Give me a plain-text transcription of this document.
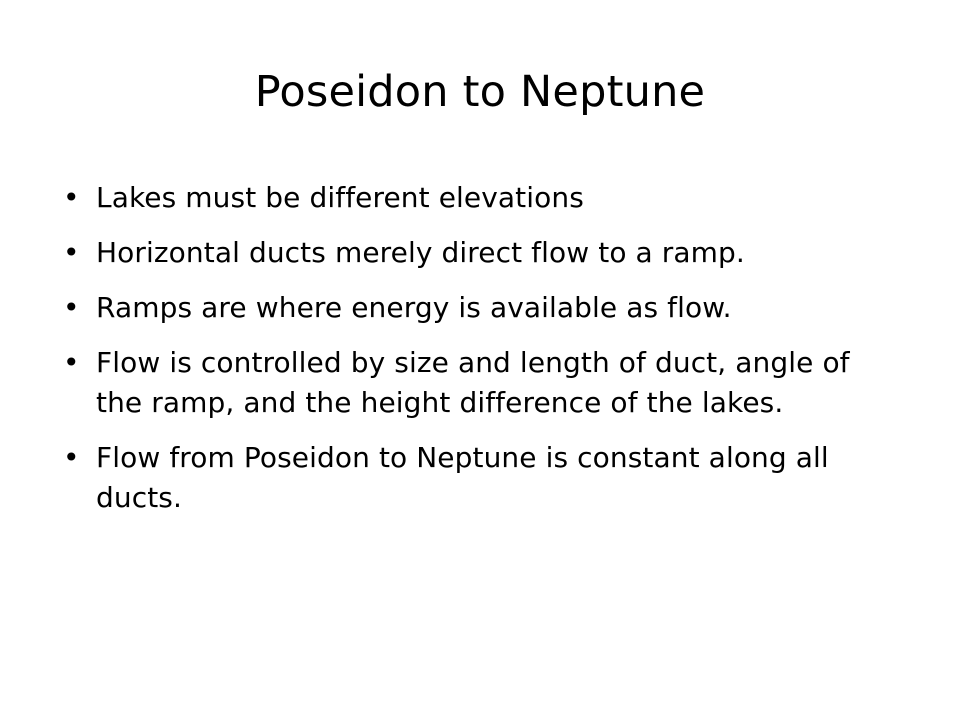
Poseidon to Neptune
• Lakes must be different elevations
• Horizontal ducts merely direct flow to a ramp.
• Ramps are where energy is available as flow.
• Flow is controlled by size and length of duct, angle of the ramp, and the height difference of the lakes.
• Flow from Poseidon to Neptune is constant along all ducts.
